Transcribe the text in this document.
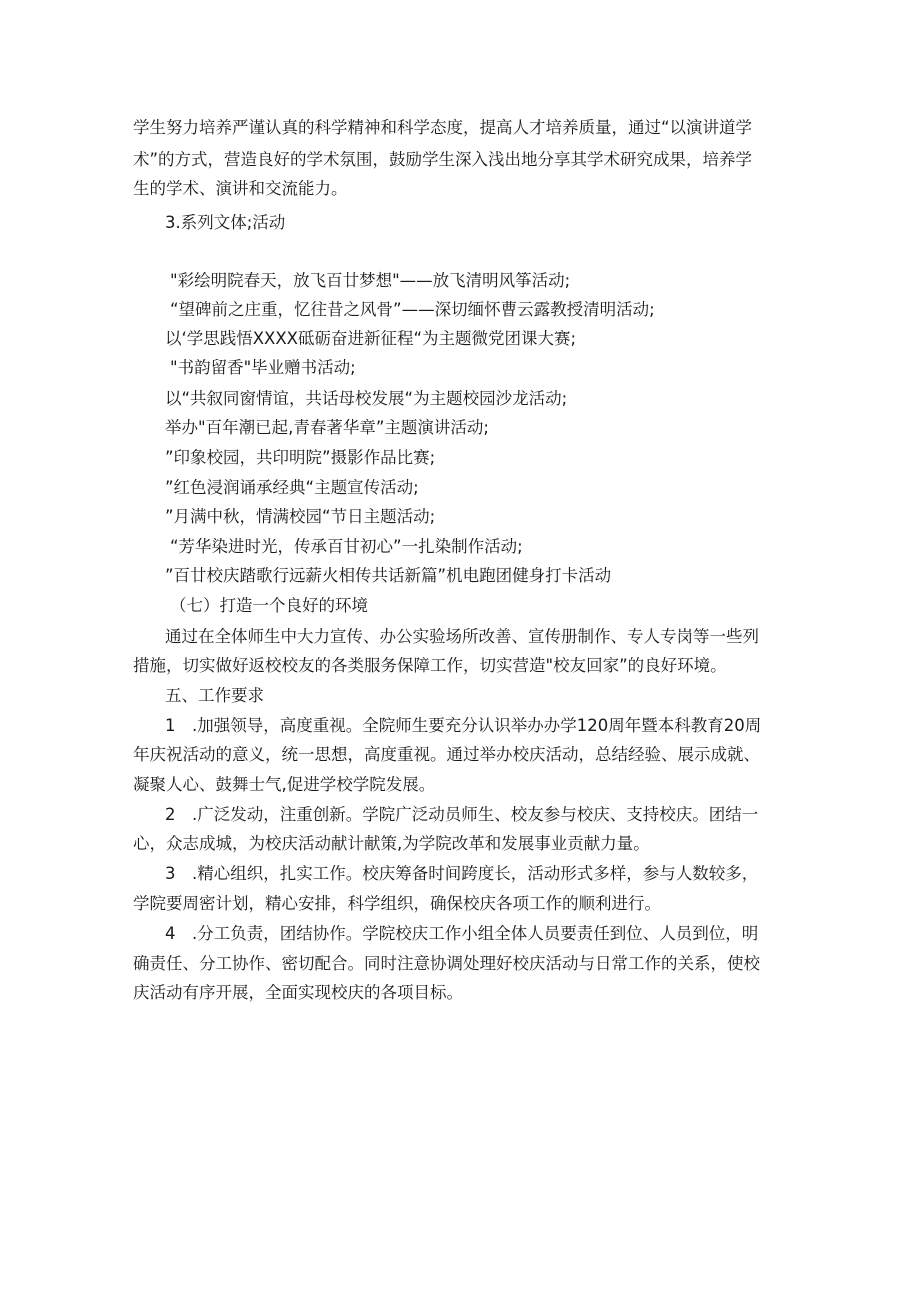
学生努力培养严谨认真的科学精神和科学态度，提高人才培养质量，通过“以演讲道学
术”的方式，营造良好的学术氛围，鼓励学生深入浅出地分享其学术研究成果，培养学
生的学术、演讲和交流能力。
3.系列文体;活动
"彩绘明院春天，放飞百廿梦想"——放飞清明风筝活动;
“望碑前之庄重，忆往昔之风骨”——深切缅怀曹云露教授清明活动;
以‘学思践悟XXXX砥砺奋进新征程“为主题微党团课大赛;
"书韵留香"毕业赠书活动;
以“共叙同窗情谊，共话母校发展“为主题校园沙龙活动;
举办"百年潮已起,青春著华章”主题演讲活动;
”印象校园，共印明院”摄影作品比赛;
”红色浸润诵承经典“主题宣传活动;
”月满中秋，情满校园“节日主题活动;
“芳华染进时光，传承百甘初心”一扎染制作活动;
”百廿校庆踏歌行远薪火相传共话新篇”机电跑团健身打卡活动
（七）打造一个良好的环境
通过在全体师生中大力宣传、办公实验场所改善、宣传册制作、专人专岗等一些列
措施，切实做好返校校友的各类服务保障工作，切实营造"校友回家”的良好环境。
五、工作要求
1　.加强领导，高度重视。全院师生要充分认识举办办学120周年暨本科教育20周
年庆祝活动的意义，统一思想，高度重视。通过举办校庆活动，总结经验、展示成就、
凝聚人心、鼓舞士气,促进学校学院发展。
2　.广泛发动，注重创新。学院广泛动员师生、校友参与校庆、支持校庆。团结一
心，众志成城，为校庆活动献计献策,为学院改革和发展事业贡献力量。
3　.精心组织，扎实工作。校庆筹备时间跨度长，活动形式多样，参与人数较多，
学院要周密计划，精心安排，科学组织，确保校庆各项工作的顺利进行。
4　.分工负责，团结协作。学院校庆工作小组全体人员要责任到位、人员到位，明
确责任、分工协作、密切配合。同时注意协调处理好校庆活动与日常工作的关系，使校
庆活动有序开展，全面实现校庆的各项目标。
